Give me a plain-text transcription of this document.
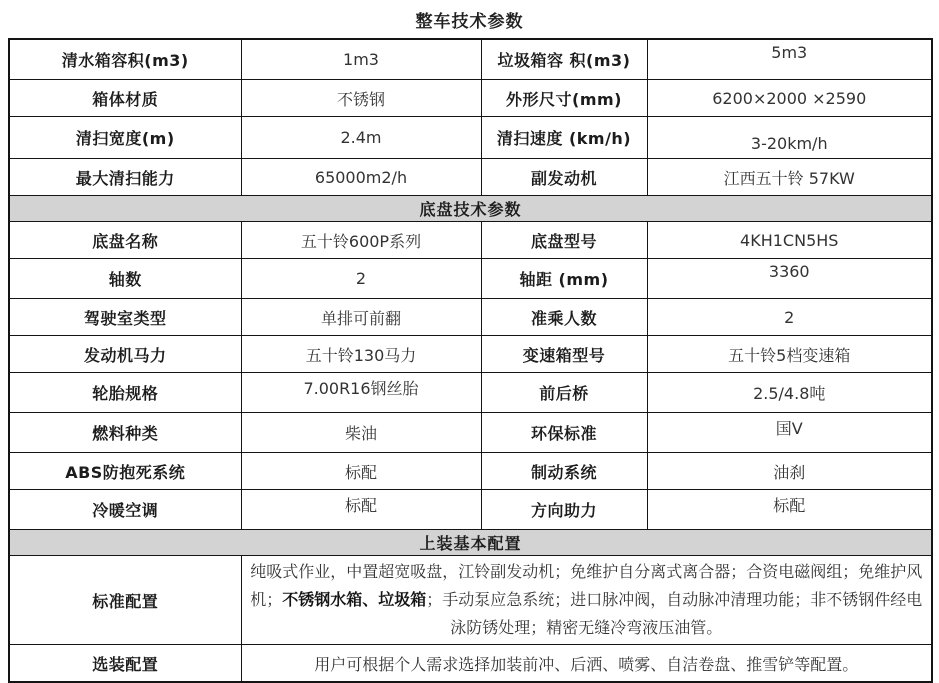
整车技术参数
清水箱容积(m3)	1m3	垃圾箱容 积(m3)	5m3
箱体材质	不锈钢	外形尺寸(mm)	6200×2000 ×2590
清扫宽度(m)	2.4m	清扫速度 (km/h)	3-20km/h
最大清扫能力	65000m2/h	副发动机	江西五十铃 57KW
底盘技术参数			
底盘名称	五十铃600P系列	底盘型号	4KH1CN5HS
轴数	2	轴距 (mm)	3360
驾驶室类型	单排可前翻	准乘人数	2
发动机马力	五十铃130马力	变速箱型号	五十铃5档变速箱
轮胎规格	7.00R16钢丝胎	前后桥	2.5/4.8吨
燃料种类	柴油	环保标准	国V
ABS防抱死系统	标配	制动系统	油刹
冷暖空调	标配	方向助力	标配
上装基本配置			
标准配置	纯吸式作业，中置超宽吸盘，江铃副发动机；免维护自分离式离合器；合资电磁阀组；免维护风机；不锈钢水箱、垃圾箱；手动泵应急系统；进口脉冲阀，自动脉冲清理功能；非不锈钢件经电泳防锈处理；精密无缝冷弯液压油管。		
选装配置	用户可根据个人需求选择加装前冲、后洒、喷雾、自洁卷盘、推雪铲等配置。		
